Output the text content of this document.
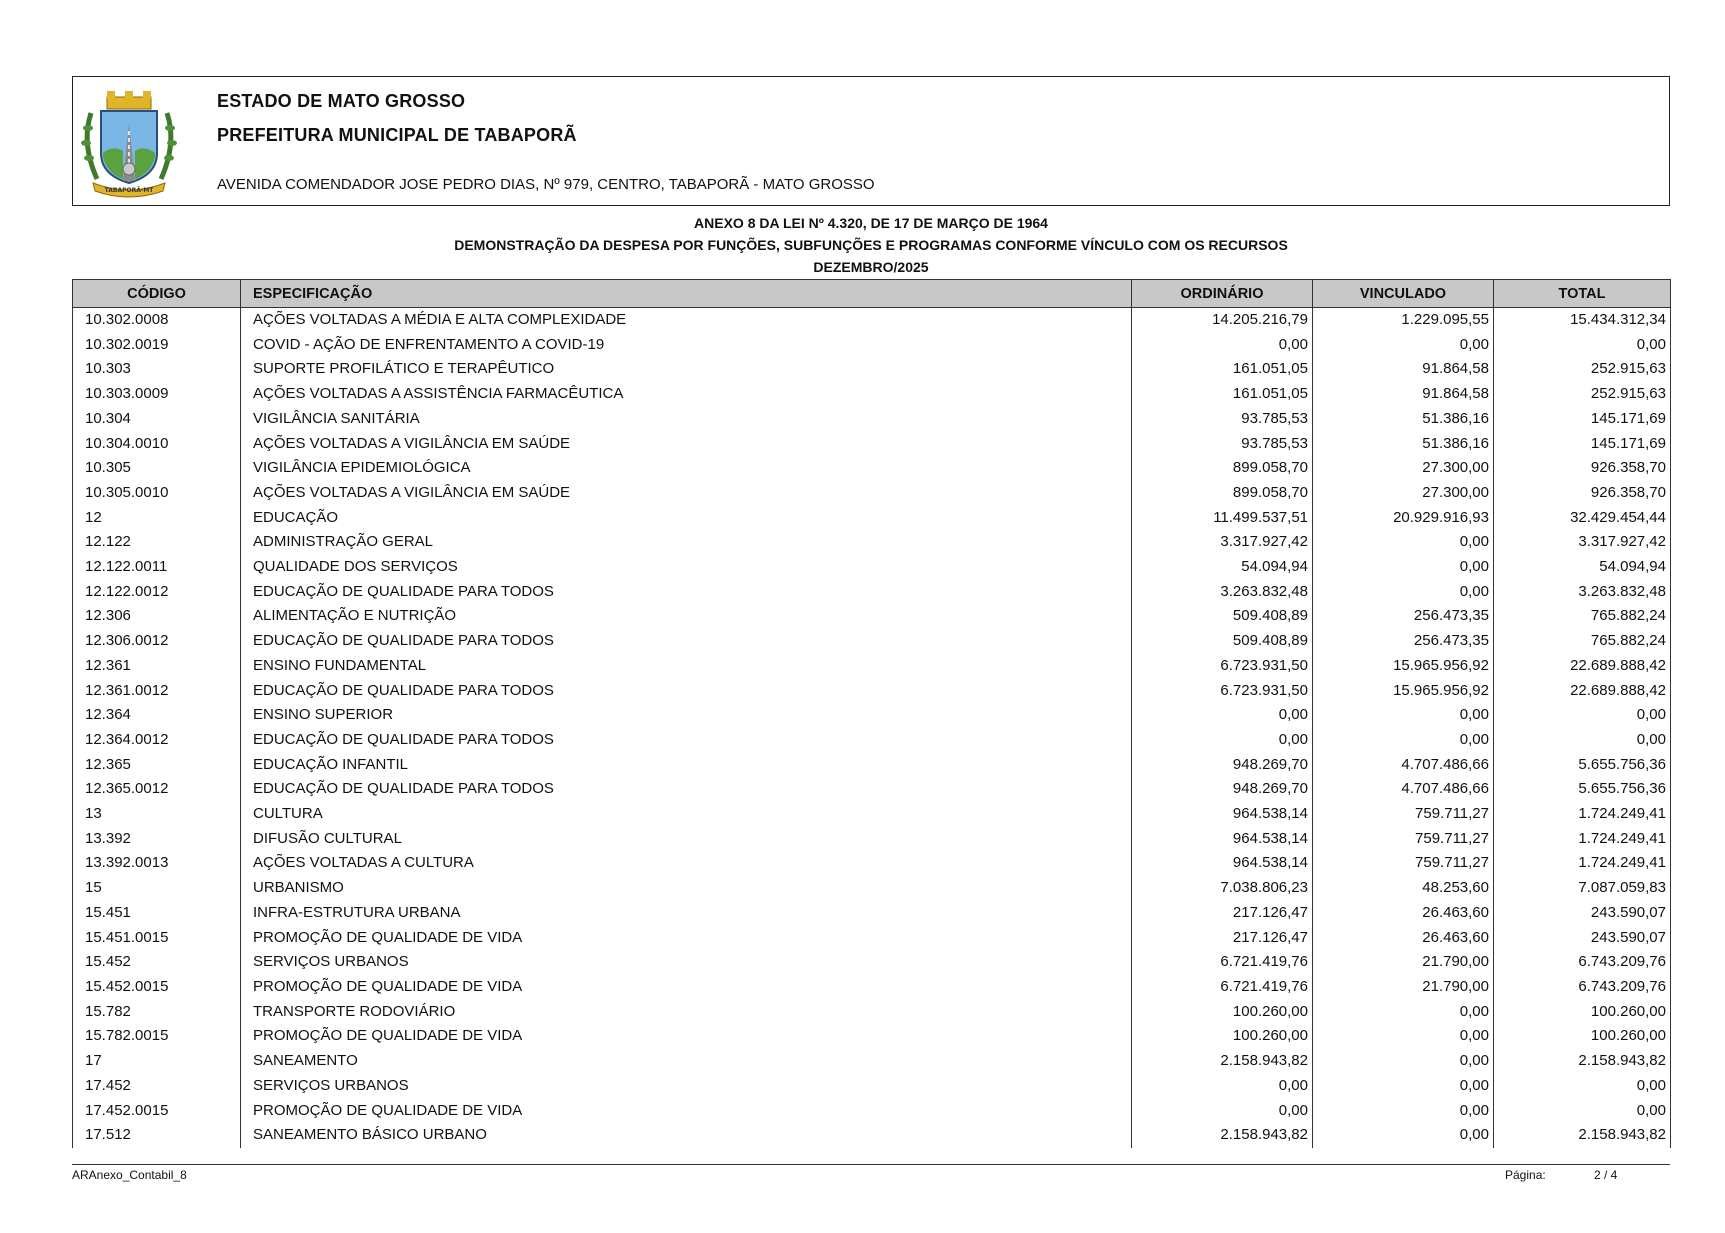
TABAPORÃ-MT
ESTADO DE MATO GROSSO
PREFEITURA MUNICIPAL DE TABAPORÃ
AVENIDA COMENDADOR JOSE PEDRO DIAS, Nº 979, CENTRO, TABAPORÃ - MATO GROSSO
ANEXO 8 DA LEI Nº 4.320, DE 17 DE MARÇO DE 1964
DEMONSTRAÇÃO DA DESPESA POR FUNÇÕES, SUBFUNÇÕES E PROGRAMAS CONFORME VÍNCULO COM OS RECURSOS
DEZEMBRO/2025
CÓDIGO	ESPECIFICAÇÃO	ORDINÁRIO	VINCULADO	TOTAL
10.302.0008	AÇÕES VOLTADAS A MÉDIA E ALTA COMPLEXIDADE	14.205.216,79	1.229.095,55	15.434.312,34
10.302.0019	COVID - AÇÃO DE ENFRENTAMENTO A COVID-19	0,00	0,00	0,00
10.303	SUPORTE PROFILÁTICO E TERAPÊUTICO	161.051,05	91.864,58	252.915,63
10.303.0009	AÇÕES VOLTADAS A ASSISTÊNCIA FARMACÊUTICA	161.051,05	91.864,58	252.915,63
10.304	VIGILÂNCIA SANITÁRIA	93.785,53	51.386,16	145.171,69
10.304.0010	AÇÕES VOLTADAS A VIGILÂNCIA EM SAÚDE	93.785,53	51.386,16	145.171,69
10.305	VIGILÂNCIA EPIDEMIOLÓGICA	899.058,70	27.300,00	926.358,70
10.305.0010	AÇÕES VOLTADAS A VIGILÂNCIA EM SAÚDE	899.058,70	27.300,00	926.358,70
12	EDUCAÇÃO	11.499.537,51	20.929.916,93	32.429.454,44
12.122	ADMINISTRAÇÃO GERAL	3.317.927,42	0,00	3.317.927,42
12.122.0011	QUALIDADE DOS SERVIÇOS	54.094,94	0,00	54.094,94
12.122.0012	EDUCAÇÃO DE QUALIDADE PARA TODOS	3.263.832,48	0,00	3.263.832,48
12.306	ALIMENTAÇÃO E NUTRIÇÃO	509.408,89	256.473,35	765.882,24
12.306.0012	EDUCAÇÃO DE QUALIDADE PARA TODOS	509.408,89	256.473,35	765.882,24
12.361	ENSINO FUNDAMENTAL	6.723.931,50	15.965.956,92	22.689.888,42
12.361.0012	EDUCAÇÃO DE QUALIDADE PARA TODOS	6.723.931,50	15.965.956,92	22.689.888,42
12.364	ENSINO SUPERIOR	0,00	0,00	0,00
12.364.0012	EDUCAÇÃO DE QUALIDADE PARA TODOS	0,00	0,00	0,00
12.365	EDUCAÇÃO INFANTIL	948.269,70	4.707.486,66	5.655.756,36
12.365.0012	EDUCAÇÃO DE QUALIDADE PARA TODOS	948.269,70	4.707.486,66	5.655.756,36
13	CULTURA	964.538,14	759.711,27	1.724.249,41
13.392	DIFUSÃO CULTURAL	964.538,14	759.711,27	1.724.249,41
13.392.0013	AÇÕES VOLTADAS A CULTURA	964.538,14	759.711,27	1.724.249,41
15	URBANISMO	7.038.806,23	48.253,60	7.087.059,83
15.451	INFRA-ESTRUTURA URBANA	217.126,47	26.463,60	243.590,07
15.451.0015	PROMOÇÃO DE QUALIDADE DE VIDA	217.126,47	26.463,60	243.590,07
15.452	SERVIÇOS URBANOS	6.721.419,76	21.790,00	6.743.209,76
15.452.0015	PROMOÇÃO DE QUALIDADE DE VIDA	6.721.419,76	21.790,00	6.743.209,76
15.782	TRANSPORTE RODOVIÁRIO	100.260,00	0,00	100.260,00
15.782.0015	PROMOÇÃO DE QUALIDADE DE VIDA	100.260,00	0,00	100.260,00
17	SANEAMENTO	2.158.943,82	0,00	2.158.943,82
17.452	SERVIÇOS URBANOS	0,00	0,00	0,00
17.452.0015	PROMOÇÃO DE QUALIDADE DE VIDA	0,00	0,00	0,00
17.512	SANEAMENTO BÁSICO URBANO	2.158.943,82	0,00	2.158.943,82
ARAnexo_Contabil_8	Página:	2 / 4
